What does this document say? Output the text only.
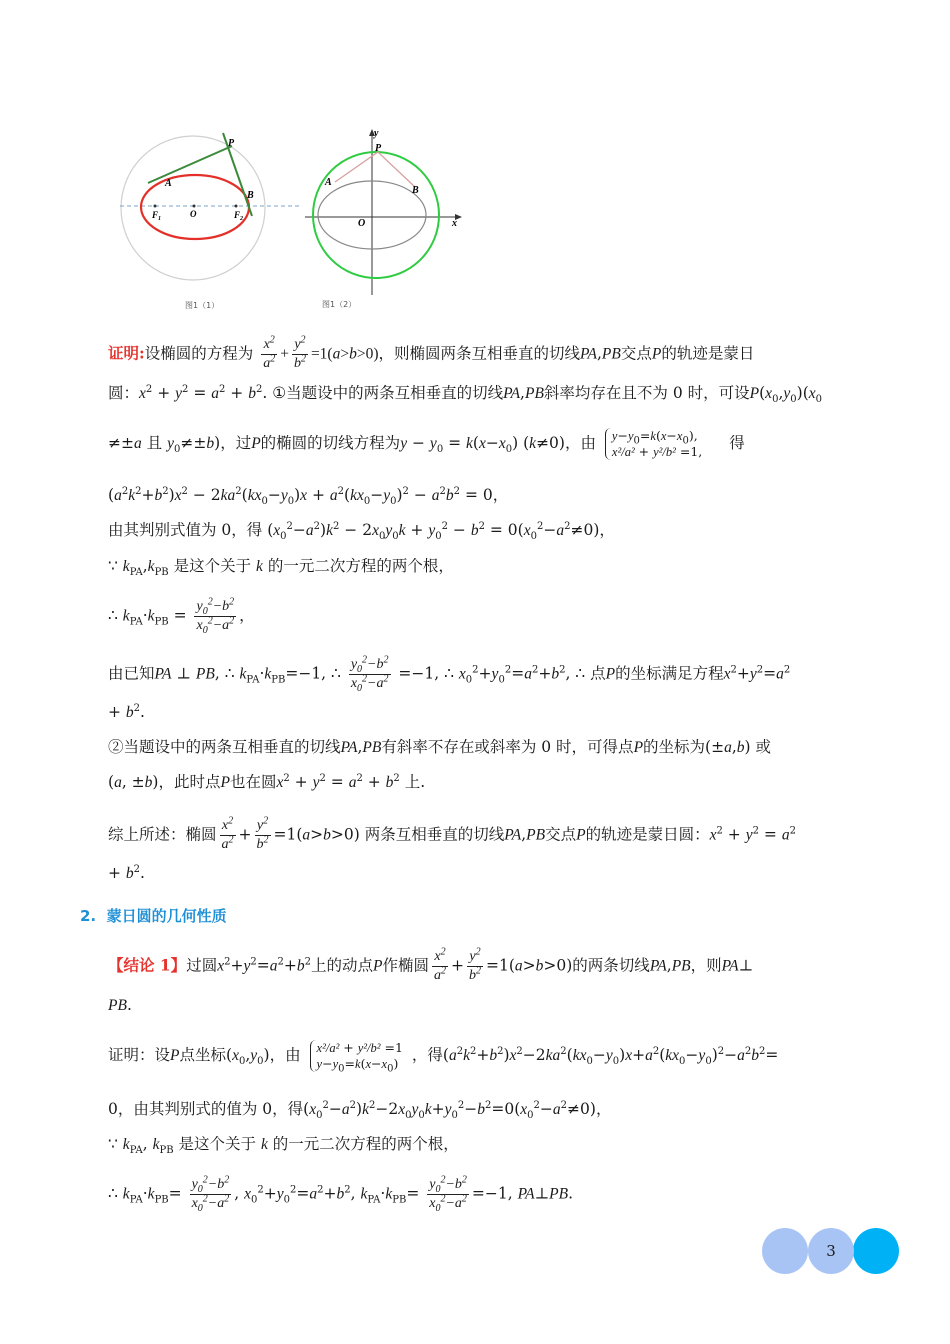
P
A
B
$F_1$	O	$F_2$
图1（1）
y
P
A
B
O	x
图1（2）
证明:设椭圆的方程为 $\frac{x^2}{a^2} + \frac{y^2}{b^2} =1(a>b>0)$，则椭圆两条互相垂直的切线PA,PB交点P的轨迹是蒙日
圆：$x^2 + y^2 = a^2 + b^2$. ①当题设中的两条互相垂直的切线PA,PB斜率均存在且不为 0 时，可设$P(x_0,y_0)(x_0$
≠±a 且 $y_0\ne\pm b$)，过P的椭圆的切线方程为$y - y_0 = k(x-x_0)$ (k≠0)，由 $y-y_0=k(x-x_0)$,
x²/a² + y²/b² =1, 得
$(a^2k^2+b^2)x^2 - 2ka^2(kx_0-y_0)x + a^2(kx_0-y_0)^2 - a^2b^2 = 0$，
由其判别式值为 0，得 $(x_0^2-a^2)k^2 - 2x_0y_0k + y_0^2 - b^2 = 0(x_0^2-a^2\ne 0)$，
∵ $k_{PA},k_{PB}$ 是这个关于 k 的一元二次方程的两个根，
∴ $k_{PA}\cdot k_{PB} = \frac{y_0^2-b^2}{x_0^2-a^2}$ ，
由已知PA ⊥ PB, ∴ $k_{PA}\cdot k_{PB}=-1$, ∴ $\frac{y_0^2-b^2}{x_0^2-a^2} =-1$, ∴ $x_0^2+y_0^2=a^2+b^2$, ∴ 点P的坐标满足方程$x^2+y^2=a^2$
+ $b^2$.
②当题设中的两条互相垂直的切线PA,PB有斜率不存在或斜率为 0 时，可得点P的坐标为(±a,b) 或
(a, ±b)，此时点P也在圆$x^2 + y^2 = a^2 + b^2$ 上.
综上所述：椭圆 $\frac{x^2}{a^2} + \frac{y^2}{b^2} =1(a>b>0)$ 两条互相垂直的切线PA,PB交点P的轨迹是蒙日圆：$x^2 + y^2 = a^2$
+ $b^2$.
2. 蒙日圆的几何性质
【结论 1】过圆$x^2+y^2=a^2+b^2$上的动点P作椭圆 $\frac{x^2}{a^2} + \frac{y^2}{b^2} =1(a>b>0)$的两条切线PA,PB，则PA⊥
PB.
证明：设P点坐标$(x_0,y_0)$，由 x²/a² + y²/b² =1
$y-y_0=k(x-x_0)$ ，得$(a^2k^2+b^2)x^2-2ka^2(kx_0-y_0)x+a^2(kx_0-y_0)^2-a^2b^2=$
0，由其判别式的值为 0，得$(x_0^2-a^2)k^2-2x_0y_0k+y_0^2-b^2=0(x_0^2-a^2\ne 0)$，
∵ $k_{PA}$, $k_{PB}$ 是这个关于 k 的一元二次方程的两个根，
∴ $k_{PA}\cdot k_{PB}= \frac{y_0^2-b^2}{x_0^2-a^2}$ , $x_0^2+y_0^2=a^2+b^2$, $k_{PA}\cdot k_{PB}= \frac{y_0^2-b^2}{x_0^2-a^2} =-1$, PA⊥PB.
3
